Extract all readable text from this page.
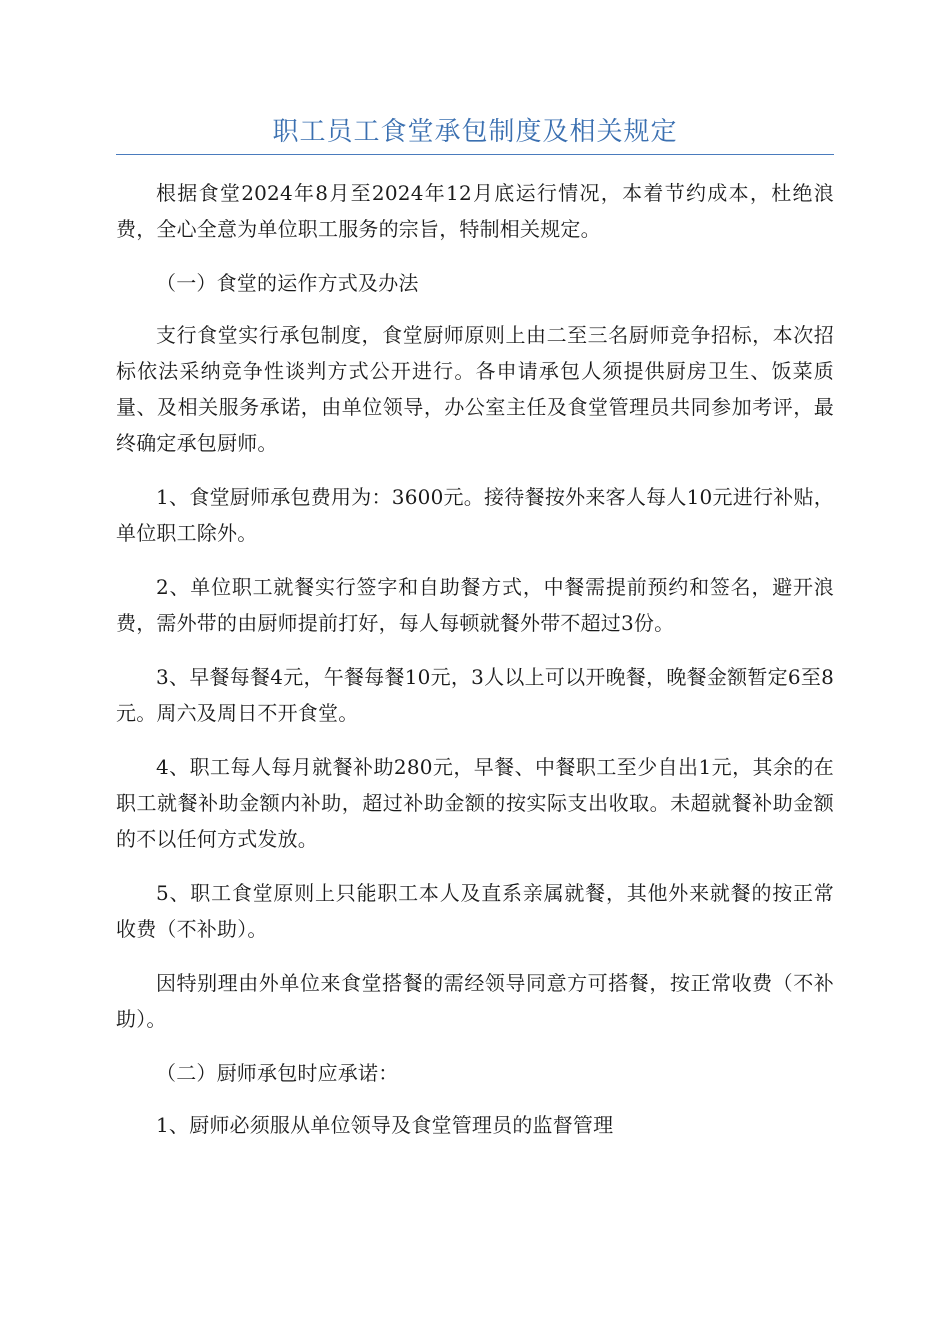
职工员工食堂承包制度及相关规定

根据食堂2024年8月至2024年12月底运行情况，本着节约成本，杜绝浪费，全心全意为单位职工服务的宗旨，特制相关规定。

（一）食堂的运作方式及办法

支行食堂实行承包制度，食堂厨师原则上由二至三名厨师竞争招标，本次招标依法采纳竞争性谈判方式公开进行。各申请承包人须提供厨房卫生、饭菜质量、及相关服务承诺，由单位领导，办公室主任及食堂管理员共同参加考评，最终确定承包厨师。

1、食堂厨师承包费用为：3600元。接待餐按外来客人每人10元进行补贴，单位职工除外。

2、单位职工就餐实行签字和自助餐方式，中餐需提前预约和签名，避开浪费，需外带的由厨师提前打好，每人每顿就餐外带不超过3份。

3、早餐每餐4元，午餐每餐10元，3人以上可以开晚餐，晚餐金额暂定6至8元。周六及周日不开食堂。

4、职工每人每月就餐补助280元，早餐、中餐职工至少自出1元，其余的在职工就餐补助金额内补助，超过补助金额的按实际支出收取。未超就餐补助金额的不以任何方式发放。

5、职工食堂原则上只能职工本人及直系亲属就餐，其他外来就餐的按正常收费（不补助）。

因特别理由外单位来食堂搭餐的需经领导同意方可搭餐，按正常收费（不补助）。

（二）厨师承包时应承诺：

1、厨师必须服从单位领导及食堂管理员的监督管理
